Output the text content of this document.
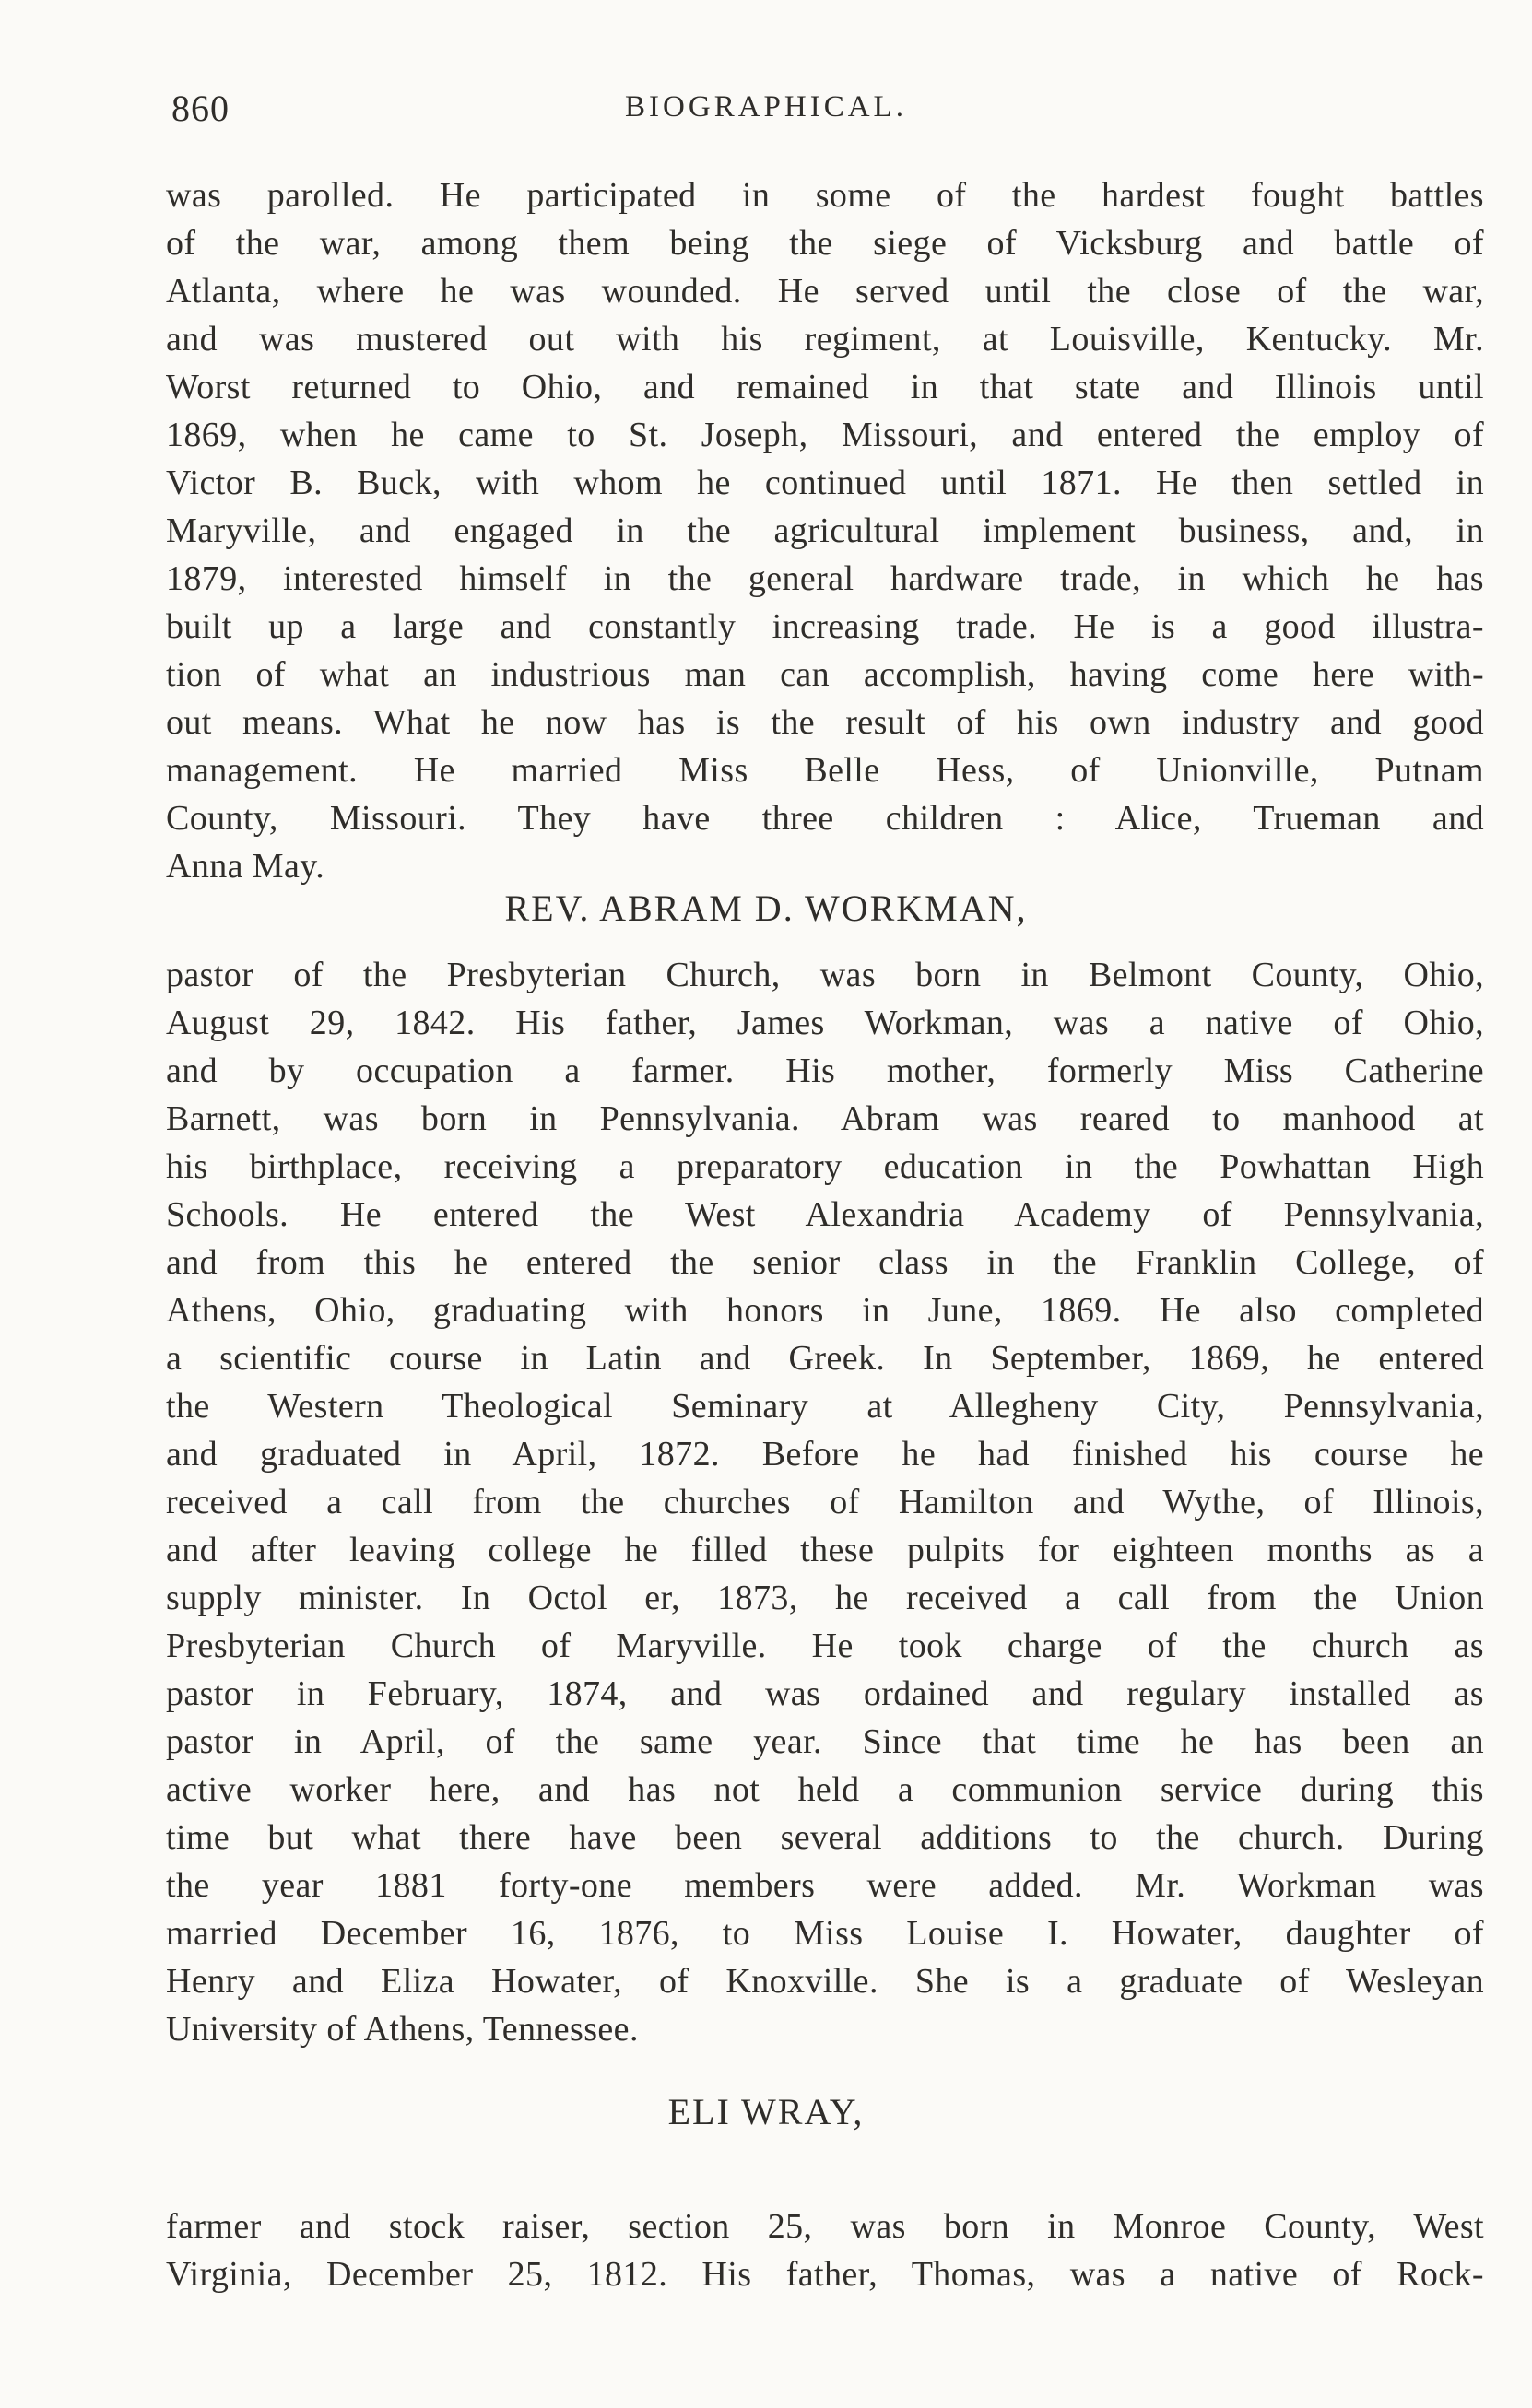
860	BIOGRAPHICAL.
was parolled. He participated in some of the hardest fought battles
of the war, among them being the siege of Vicksburg and battle of
Atlanta, where he was wounded. He served until the close of the war,
and was mustered out with his regiment, at Louisville, Kentucky. Mr.
Worst returned to Ohio, and remained in that state and Illinois until
1869, when he came to St. Joseph, Missouri, and entered the employ of
Victor B. Buck, with whom he continued until 1871. He then settled in
Maryville, and engaged in the agricultural implement business, and, in
1879, interested himself in the general hardware trade, in which he has
built up a large and constantly increasing trade. He is a good illustra-
tion of what an industrious man can accomplish, having come here with-
out means. What he now has is the result of his own industry and good
management. He married Miss Belle Hess, of Unionville, Putnam
County, Missouri. They have three children : Alice, Trueman and
Anna May.
REV. ABRAM D. WORKMAN,
pastor of the Presbyterian Church, was born in Belmont County, Ohio,
August 29, 1842. His father, James Workman, was a native of Ohio,
and by occupation a farmer. His mother, formerly Miss Catherine
Barnett, was born in Pennsylvania. Abram was reared to manhood at
his birthplace, receiving a preparatory education in the Powhattan High
Schools. He entered the West Alexandria Academy of Pennsylvania,
and from this he entered the senior class in the Franklin College, of
Athens, Ohio, graduating with honors in June, 1869. He also completed
a scientific course in Latin and Greek. In September, 1869, he entered
the Western Theological Seminary at Allegheny City, Pennsylvania,
and graduated in April, 1872. Before he had finished his course he
received a call from the churches of Hamilton and Wythe, of Illinois,
and after leaving college he filled these pulpits for eighteen months as a
supply minister. In Octol er, 1873, he received a call from the Union
Presbyterian Church of Maryville. He took charge of the church as
pastor in February, 1874, and was ordained and regulary installed as
pastor in April, of the same year. Since that time he has been an
active worker here, and has not held a communion service during this
time but what there have been several additions to the church. During
the year 1881 forty-one members were added. Mr. Workman was
married December 16, 1876, to Miss Louise I. Howater, daughter of
Henry and Eliza Howater, of Knoxville. She is a graduate of Wesleyan
University of Athens, Tennessee.
ELI WRAY,
farmer and stock raiser, section 25, was born in Monroe County, West
Virginia, December 25, 1812. His father, Thomas, was a native of Rock-
